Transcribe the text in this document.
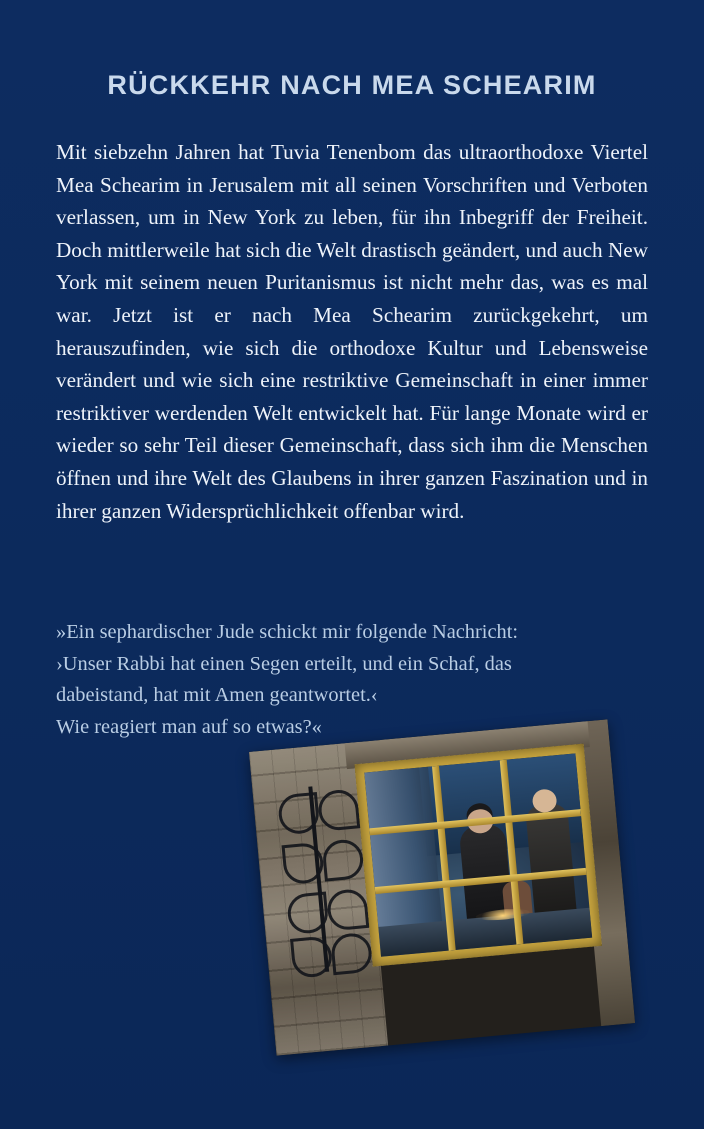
RÜCKKEHR NACH MEA SCHEARIM
Mit siebzehn Jahren hat Tuvia Tenenbom das ultraorthodoxe Viertel Mea Schearim in Jerusalem mit all seinen Vorschriften und Verboten verlassen, um in New York zu leben, für ihn Inbegriff der Freiheit. Doch mittlerweile hat sich die Welt drastisch geändert, und auch New York mit seinem neuen Puritanismus ist nicht mehr das, was es mal war. Jetzt ist er nach Mea Schearim zurückgekehrt, um herauszufinden, wie sich die orthodoxe Kultur und Lebensweise verändert und wie sich eine restriktive Gemeinschaft in einer immer restriktiver werdenden Welt entwickelt hat. Für lange Monate wird er wieder so sehr Teil dieser Gemeinschaft, dass sich ihm die Menschen öffnen und ihre Welt des Glaubens in ihrer ganzen Faszination und in ihrer ganzen Widersprüchlichkeit offenbar wird.
»Ein sephardischer Jude schickt mir folgende Nachricht:
›Unser Rabbi hat einen Segen erteilt, und ein Schaf, das
dabeistand, hat mit Amen geantwortet.‹
Wie reagiert man auf so etwas?«
